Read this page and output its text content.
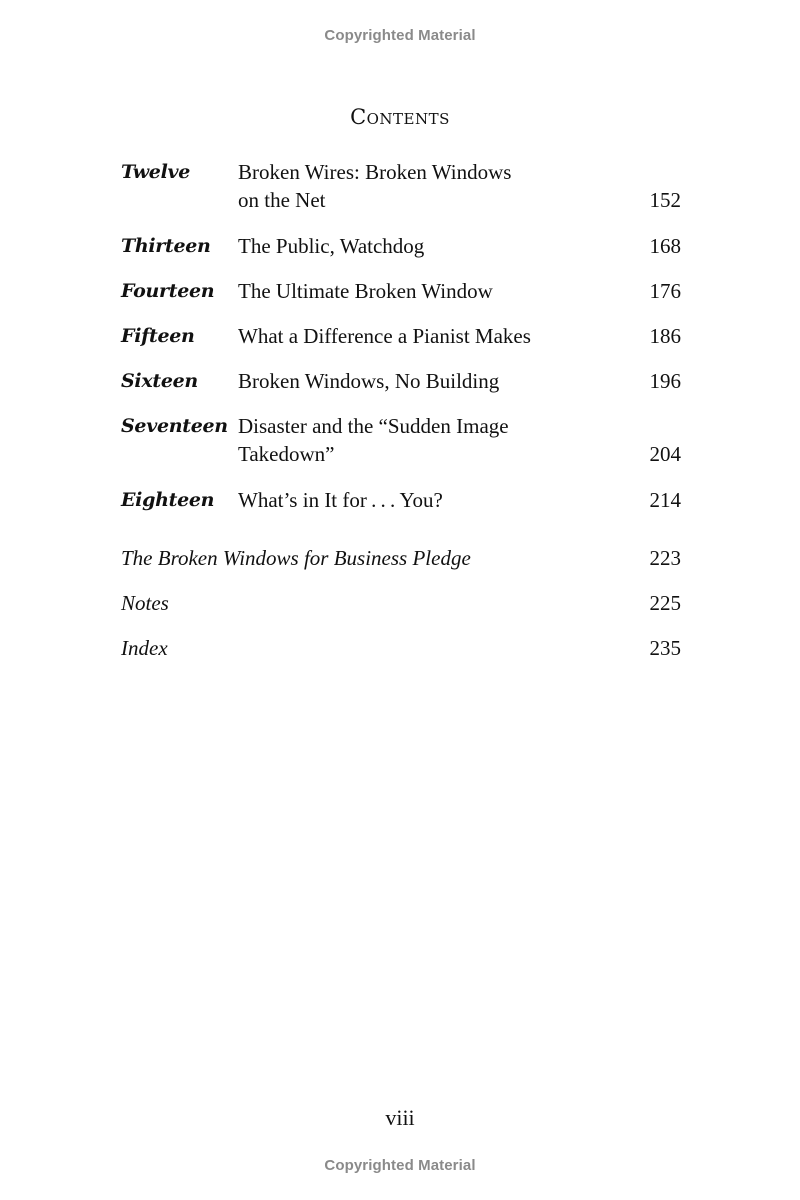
Copyrighted Material
Contents
Twelve	Broken Wires: Broken Windows
on the Net	152
Thirteen	The Public, Watchdog	168
Fourteen	The Ultimate Broken Window	176
Fifteen	What a Difference a Pianist Makes	186
Sixteen	Broken Windows, No Building	196
Seventeen Disaster and the “Sudden Image
Takedown”	204
Eighteen	What’s in It for . . . You?	214
The Broken Windows for Business Pledge	223
Notes	225
Index	235
viii
Copyrighted Material
